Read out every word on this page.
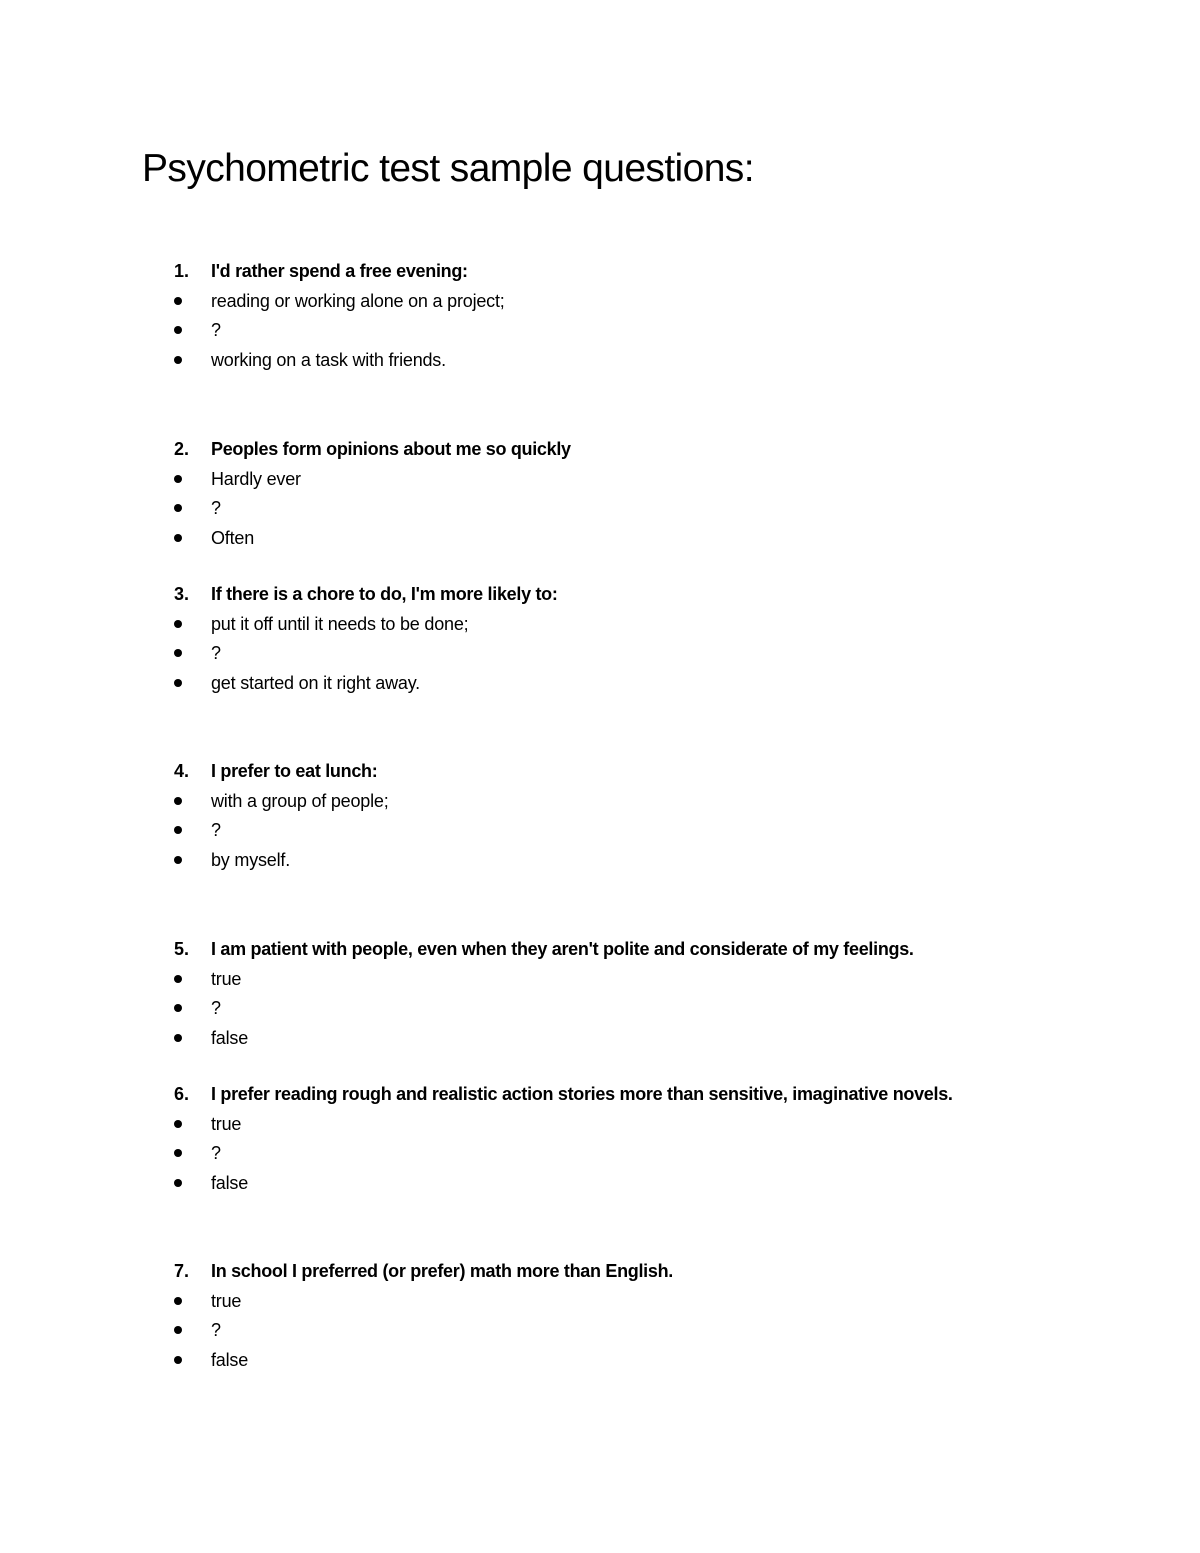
Psychometric test sample questions:
1. I'd rather spend a free evening:
reading or working alone on a project;
?
working on a task with friends.
2. Peoples form opinions about me so quickly
Hardly ever
?
Often
3. If there is a chore to do, I'm more likely to:
put it off until it needs to be done;
?
get started on it right away.
4. I prefer to eat lunch:
with a group of people;
?
by myself.
5. I am patient with people, even when they aren't polite and considerate of my feelings.
true
?
false
6. I prefer reading rough and realistic action stories more than sensitive, imaginative novels.
true
?
false
7. In school I preferred (or prefer) math more than English.
true
?
false
